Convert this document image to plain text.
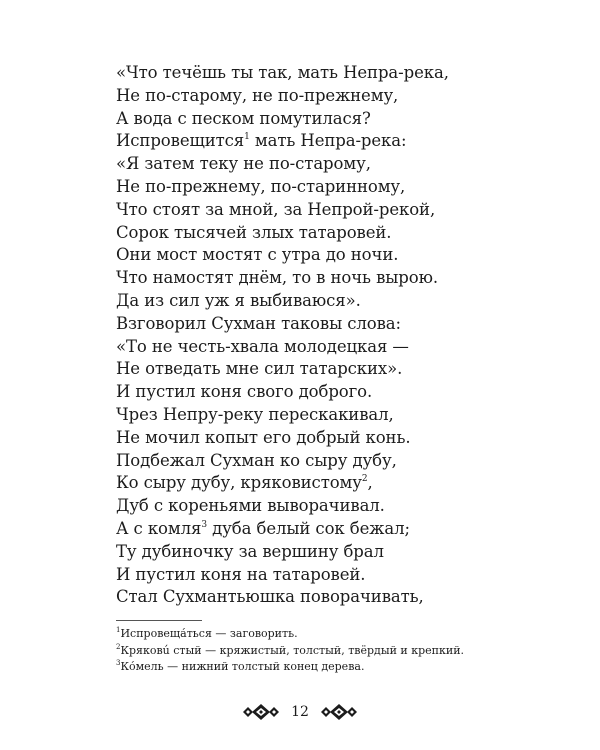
«Что течёшь ты так, мать Непра-река,
Не по-старому, не по-прежнему,
А вода с песком помутилася?
Испровещится$^1$ мать Непра-река:
«Я затем теку не по-старому,
Не по-прежнему, по-старинному,
Что стоят за мной, за Непрой-рекой,
Сорок тысячей злых татаровей.
Они мост мостят с утра до ночи.
Что намостят днём, то в ночь вырою.
Да из сил уж я выбиваюся».
Взговорил Сухман таковы слова:
«То не честь-хвала молодецкая —
Не отведать мне сил татарских».
И пустил коня свого доброго.
Чрез Непру-реку перескакивал,
Не мочил копыт его добрый конь.
Подбежал Сухман ко сыру дубу,
Ко сыру дубу, кряковистому$^2$,
Дуб с кореньями выворачивал.
А с комля$^3$ дуба белый сок бежал;
Ту дубиночку за вершину брал
И пустил коня на татаровей.
Стал Сухмантьюшка поворачивать,
$^1$Испровеща́ться — заговорить.
$^2$Кряковú стый — кряжистый, толстый, твёрдый и крепкий.
$^3$Ко́мель — нижний толстый конец дерева.
12
